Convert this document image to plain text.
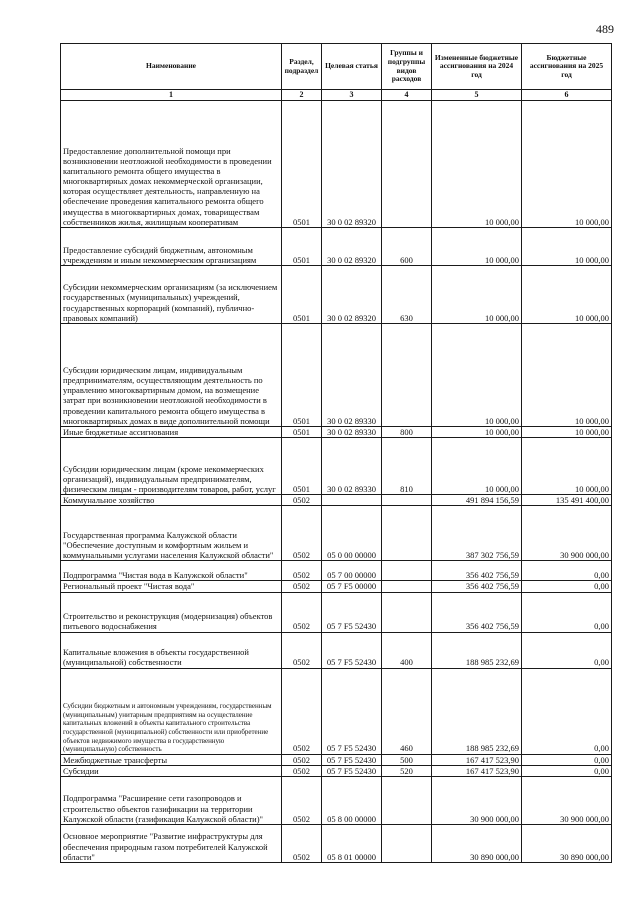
489
Наименование	Раздел, подраздел	Целевая статья	Группы и подгруппы видов расходов	Измененные бюджетные ассигнования на 2024 год	Бюджетные ассигнования на 2025 год
1	2	3	4	5	6
Предоставление дополнительной помощи при возникновении неотложной необходимости в проведении капитального ремонта общего имущества в многоквартирных домах некоммерческой организации, которая осуществляет деятельность, направленную на обеспечение проведения капитального ремонта общего имущества в многоквартирных домах, товариществам собственников жилья, жилищным кооперативам	0501	30 0 02 89320		10 000,00	10 000,00
Предоставление субсидий бюджетным, автономным учреждениям и иным некоммерческим организациям	0501	30 0 02 89320	600	10 000,00	10 000,00
Субсидии некоммерческим организациям (за исключением государственных (муниципальных) учреждений, государственных корпораций (компаний), публично-правовых компаний)	0501	30 0 02 89320	630	10 000,00	10 000,00
Субсидии юридическим лицам, индивидуальным предпринимателям, осуществляющим деятельность по управлению многоквартирным домом, на возмещение затрат при возникновении неотложной необходимости в проведении капитального ремонта общего имущества в многоквартирных домах в виде дополнительной помощи	0501	30 0 02 89330		10 000,00	10 000,00
Иные бюджетные ассигнования	0501	30 0 02 89330	800	10 000,00	10 000,00
Субсидии юридическим лицам (кроме некоммерческих организаций), индивидуальным предпринимателям, физическим лицам - производителям товаров, работ, услуг	0501	30 0 02 89330	810	10 000,00	10 000,00
Коммунальное хозяйство	0502			491 894 156,59	135 491 400,00
Государственная программа Калужской области "Обеспечение доступным и комфортным жильем и коммунальными услугами населения Калужской области"	0502	05 0 00 00000		387 302 756,59	30 900 000,00
Подпрограмма "Чистая вода в Калужской области"	0502	05 7 00 00000		356 402 756,59	0,00
Региональный проект "Чистая вода"	0502	05 7 F5 00000		356 402 756,59	0,00
Строительство и реконструкция (модернизация) объектов питьевого водоснабжения	0502	05 7 F5 52430		356 402 756,59	0,00
Капитальные вложения в объекты государственной (муниципальной) собственности	0502	05 7 F5 52430	400	188 985 232,69	0,00
Субсидии бюджетным и автономным учреждениям, государственным (муниципальным) унитарным предприятиям на осуществление капитальных вложений в объекты капитального строительства государственной (муниципальной) собственности или приобретение объектов недвижимого имущества в государственную (муниципальную) собственность	0502	05 7 F5 52430	460	188 985 232,69	0,00
Межбюджетные трансферты	0502	05 7 F5 52430	500	167 417 523,90	0,00
Субсидии	0502	05 7 F5 52430	520	167 417 523,90	0,00
Подпрограмма "Расширение сети газопроводов и строительство объектов газификации на территории Калужской области (газификация Калужской области)"	0502	05 8 00 00000		30 900 000,00	30 900 000,00
Основное мероприятие "Развитие инфраструктуры для обеспечения природным газом потребителей Калужской области"	0502	05 8 01 00000		30 890 000,00	30 890 000,00
